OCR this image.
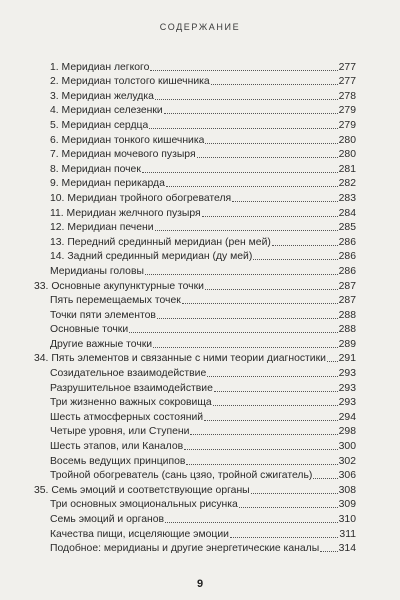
СОДЕРЖАНИЕ
1. Меридиан легкого	277
2. Меридиан толстого кишечника	277
3. Меридиан желудка	278
4. Меридиан селезенки	279
5. Меридиан сердца	279
6. Меридиан тонкого кишечника	280
7. Меридиан мочевого пузыря	280
8. Меридиан почек	281
9. Меридиан перикарда	282
10. Меридиан тройного обогревателя	283
11. Меридиан желчного пузыря	284
12. Меридиан печени	285
13. Передний срединный меридиан (рен мей)	286
14. Задний срединный меридиан (ду мей)	286
Меридианы головы	286
33. Основные акупунктурные точки	287
Пять перемещаемых точек	287
Точки пяти элементов	288
Основные точки	288
Другие важные точки	289
34. Пять элементов и связанные с ними теории диагностики 291
Созидательное взаимодействие	293
Разрушительное взаимодействие	293
Три жизненно важных сокровища	293
Шесть атмосферных состояний	294
Четыре уровня, или Ступени	298
Шесть этапов, или Каналов	300
Восемь ведущих принципов	302
Тройной обогреватель (сань цзяо, тройной сжигатель)	306
35. Семь эмоций и соответствующие органы	308
Три основных эмоциональных рисунка	309
Семь эмоций и органов	310
Качества пищи, исцеляющие эмоции	311
Подобное: меридианы и другие энергетические каналы 314
9
